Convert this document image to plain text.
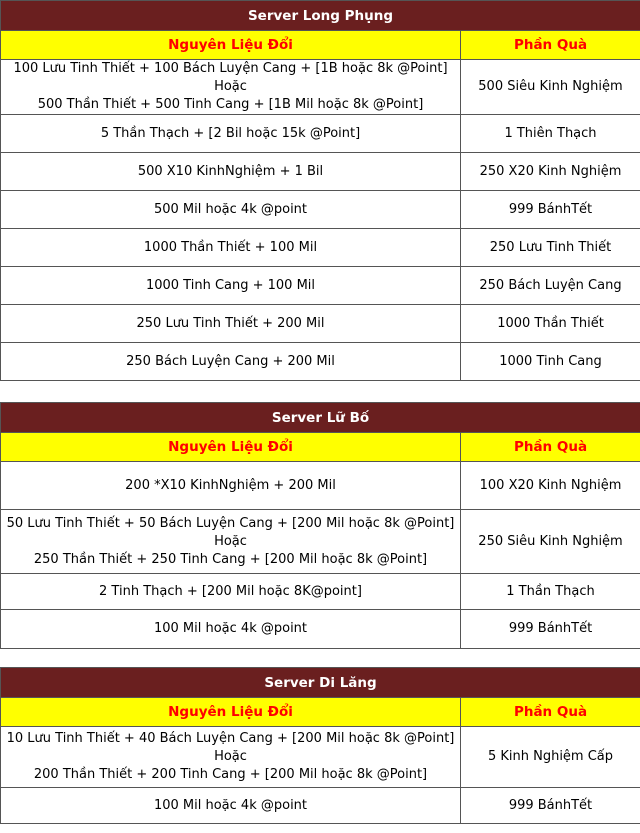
Server Long Phụng	
Nguyên Liệu Đổi	Phần Quà

100 Lưu Tinh Thiết + 100 Bách Luyện Cang + [1B hoặc 8k @Point]
Hoặc
500 Thần Thiết + 500 Tinh Cang + [1B Mil hoặc 8k @Point]	500 Siêu Kinh Nghiệm
5 Thần Thạch + [2 Bil hoặc 15k @Point]	1 Thiên Thạch
500 X10 KinhNghiệm + 1 Bil	250 X20 Kinh Nghiệm
500 Mil hoặc 4k @point	999 BánhTết
1000 Thần Thiết + 100 Mil	250 Lưu Tinh Thiết
1000 Tinh Cang + 100 Mil	250 Bách Luyện Cang
250 Lưu Tinh Thiết + 200 Mil	1000 Thần Thiết
250 Bách Luyện Cang + 200 Mil	1000 Tinh Cang
Server Lữ Bố	
Nguyên Liệu Đổi	Phần Quà
200 *X10 KinhNghiệm + 200 Mil	100 X20 Kinh Nghiệm

50 Lưu Tinh Thiết + 50 Bách Luyện Cang + [200 Mil hoặc 8k @Point]
Hoặc
250 Thần Thiết + 250 Tinh Cang + [200 Mil hoặc 8k @Point]	250 Siêu Kinh Nghiệm
2 Tinh Thạch + [200 Mil hoặc 8K@point]	1 Thần Thạch
100 Mil hoặc 4k @point	999 BánhTết
Server Di Lăng	
Nguyên Liệu Đổi	Phần Quà

10 Lưu Tinh Thiết + 40 Bách Luyện Cang + [200 Mil hoặc 8k @Point]
Hoặc
200 Thần Thiết + 200 Tinh Cang + [200 Mil hoặc 8k @Point]	5 Kinh Nghiệm Cấp
100 Mil hoặc 4k @point	999 BánhTết
